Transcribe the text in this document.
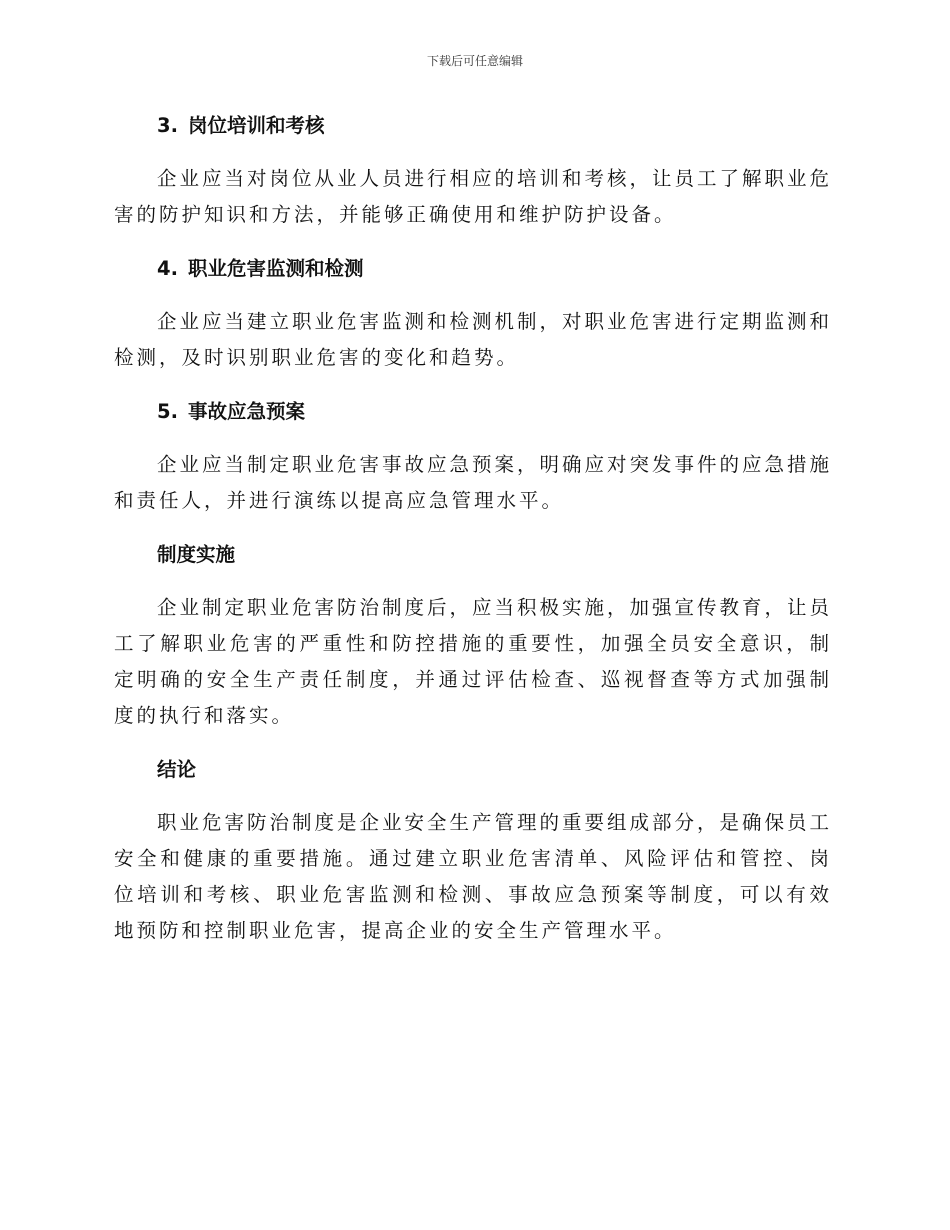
下载后可任意编辑
3. 岗位培训和考核

企业应当对岗位从业人员进行相应的培训和考核，让员工了解职业危害的防护知识和方法，并能够正确使用和维护防护设备。

4. 职业危害监测和检测

企业应当建立职业危害监测和检测机制，对职业危害进行定期监测和检测，及时识别职业危害的变化和趋势。

5. 事故应急预案

企业应当制定职业危害事故应急预案，明确应对突发事件的应急措施和责任人，并进行演练以提高应急管理水平。

制度实施

企业制定职业危害防治制度后，应当积极实施，加强宣传教育，让员工了解职业危害的严重性和防控措施的重要性，加强全员安全意识，制定明确的安全生产责任制度，并通过评估检查、巡视督查等方式加强制度的执行和落实。

结论

职业危害防治制度是企业安全生产管理的重要组成部分，是确保员工安全和健康的重要措施。通过建立职业危害清单、风险评估和管控、岗位培训和考核、职业危害监测和检测、事故应急预案等制度，可以有效地预防和控制职业危害，提高企业的安全生产管理水平。
